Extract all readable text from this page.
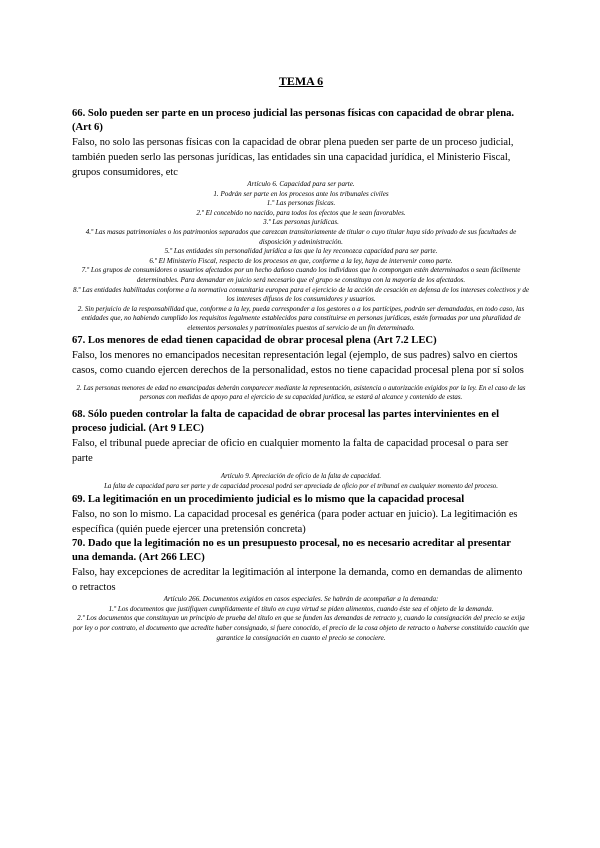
TEMA 6

66. Solo pueden ser parte en un proceso judicial las personas físicas con capacidad de obrar plena. (Art 6)

Falso, no solo las personas físicas con la capacidad de obrar plena pueden ser parte de un proceso judicial, también pueden serlo las personas jurídicas, las entidades sin una capacidad jurídica, el Ministerio Fiscal, grupos consumidores, etc

Artículo 6. Capacidad para ser parte.

1. Podrán ser parte en los procesos ante los tribunales civiles

1.º Las personas físicas.

2.º El concebido no nacido, para todos los efectos que le sean favorables.

3.º Las personas jurídicas.

4.º Las masas patrimoniales o los patrimonios separados que carezcan transitoriamente de titular o cuyo titular haya sido privado de sus facultades de disposición y administración.

5.º Las entidades sin personalidad jurídica a las que la ley reconozca capacidad para ser parte.

6.º El Ministerio Fiscal, respecto de los procesos en que, conforme a la ley, haya de intervenir como parte.

7.º Los grupos de consumidores o usuarios afectados por un hecho dañoso cuando los individuos que lo compongan estén determinados o sean fácilmente determinables. Para demandar en juicio será necesario que el grupo se constituya con la mayoría de los afectados.

8.º Las entidades habilitadas conforme a la normativa comunitaria europea para el ejercicio de la acción de cesación en defensa de los intereses colectivos y de los intereses difusos de los consumidores y usuarios.

2. Sin perjuicio de la responsabilidad que, conforme a la ley, pueda corresponder a los gestores o a los partícipes, podrán ser demandadas, en todo caso, las entidades que, no habiendo cumplido los requisitos legalmente establecidos para constituirse en personas jurídicas, estén formadas por una pluralidad de elementos personales y patrimoniales puestos al servicio de un fin determinado.

67. Los menores de edad tienen capacidad de obrar procesal plena (Art 7.2 LEC)

Falso, los menores no emancipados necesitan representación legal (ejemplo, de sus padres) salvo en ciertos casos, como cuando ejercen derechos de la personalidad, estos no tiene capacidad procesal plena por sí solos

2. Las personas menores de edad no emancipadas deberán comparecer mediante la representación, asistencia o autorización exigidos por la ley. En el caso de las personas con medidas de apoyo para el ejercicio de su capacidad jurídica, se estará al alcance y contenido de estas.

68. Sólo pueden controlar la falta de capacidad de obrar procesal las partes intervinientes en el proceso judicial. (Art 9 LEC)

Falso, el tribunal puede apreciar de oficio en cualquier momento la falta de capacidad procesal o para ser parte

Artículo 9. Apreciación de oficio de la falta de capacidad.

La falta de capacidad para ser parte y de capacidad procesal podrá ser apreciada de oficio por el tribunal en cualquier momento del proceso.

69. La legitimación en un procedimiento judicial es lo mismo que la capacidad procesal

Falso, no son lo mismo. La capacidad procesal es genérica (para poder actuar en juicio). La legitimación es específica (quién puede ejercer una pretensión concreta)

70. Dado que la legitimación no es un presupuesto procesal, no es necesario acreditar al presentar una demanda. (Art 266 LEC)

Falso, hay excepciones de acreditar la legitimación al interpone la demanda, como en demandas de alimento o retractos

Artículo 266. Documentos exigidos en casos especiales. Se habrán de acompañar a la demanda:

1.º Los documentos que justifiquen cumplidamente el título en cuya virtud se piden alimentos, cuando éste sea el objeto de la demanda.

2.º Los documentos que constituyan un principio de prueba del título en que se funden las demandas de retracto y, cuando la consignación del precio se exija por ley o por contrato, el documento que acredite haber consignado, si fuere conocido, el precio de la cosa objeto de retracto o haberse constituido caución que garantice la consignación en cuanto el precio se conociere.
